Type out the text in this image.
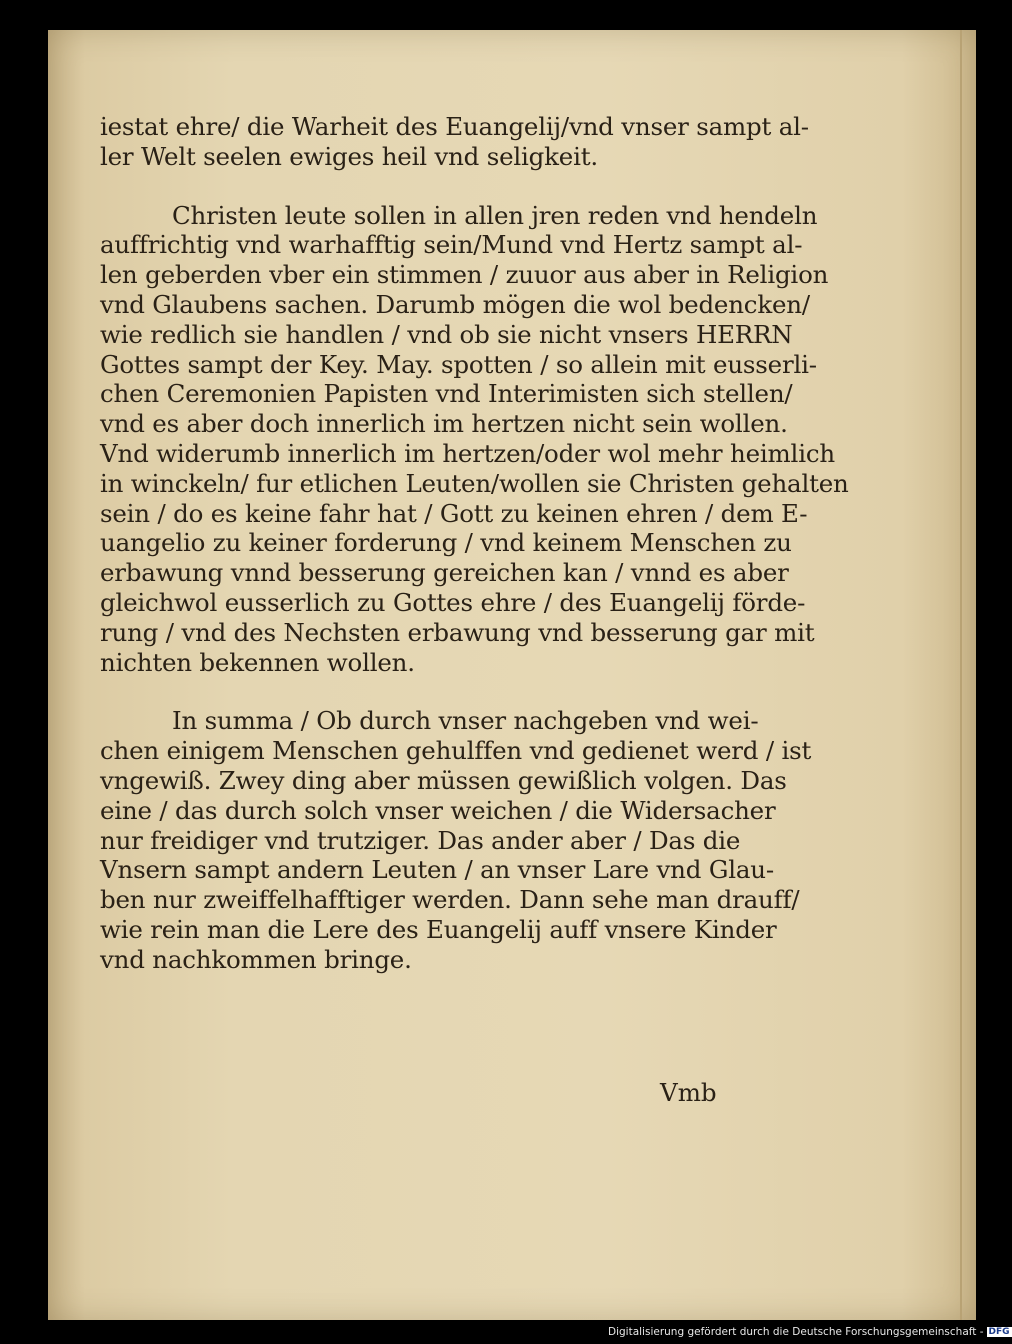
iestat ehre/ die Warheit des Euangelij/vnd vnser sampt al-
ler Welt seelen ewiges heil vnd seligkeit.
Christen leute sollen in allen jren reden vnd hendeln
auffrichtig vnd warhafftig sein/Mund vnd Hertz sampt al-
len geberden vber ein stimmen / zuuor aus aber in Religion
vnd Glaubens sachen. Darumb mögen die wol bedencken/
wie redlich sie handlen / vnd ob sie nicht vnsers HERRN
Gottes sampt der Key. May. spotten / so allein mit eusserli-
chen Ceremonien Papisten vnd Interimisten sich stellen/
vnd es aber doch innerlich im hertzen nicht sein wollen.
Vnd widerumb innerlich im hertzen/oder wol mehr heimlich
in winckeln/ fur etlichen Leuten/wollen sie Christen gehalten
sein / do es keine fahr hat / Gott zu keinen ehren / dem E-
uangelio zu keiner forderung / vnd keinem Menschen zu
erbawung vnnd besserung gereichen kan / vnnd es aber
gleichwol eusserlich zu Gottes ehre / des Euangelij förde-
rung / vnd des Nechsten erbawung vnd besserung gar mit
nichten bekennen wollen.
In summa / Ob durch vnser nachgeben vnd wei-
chen einigem Menschen gehulffen vnd gedienet werd / ist
vngewiß. Zwey ding aber müssen gewißlich volgen. Das
eine / das durch solch vnser weichen / die Widersacher
nur freidiger vnd trutziger. Das ander aber / Das die
Vnsern sampt andern Leuten / an vnser Lare vnd Glau-
ben nur zweiffelhafftiger werden. Dann sehe man drauff/
wie rein man die Lere des Euangelij auff vnsere Kinder
vnd nachkommen bringe.
Vmb
Digitalisierung gefördert durch die Deutsche Forschungsgemeinschaft - DFG
